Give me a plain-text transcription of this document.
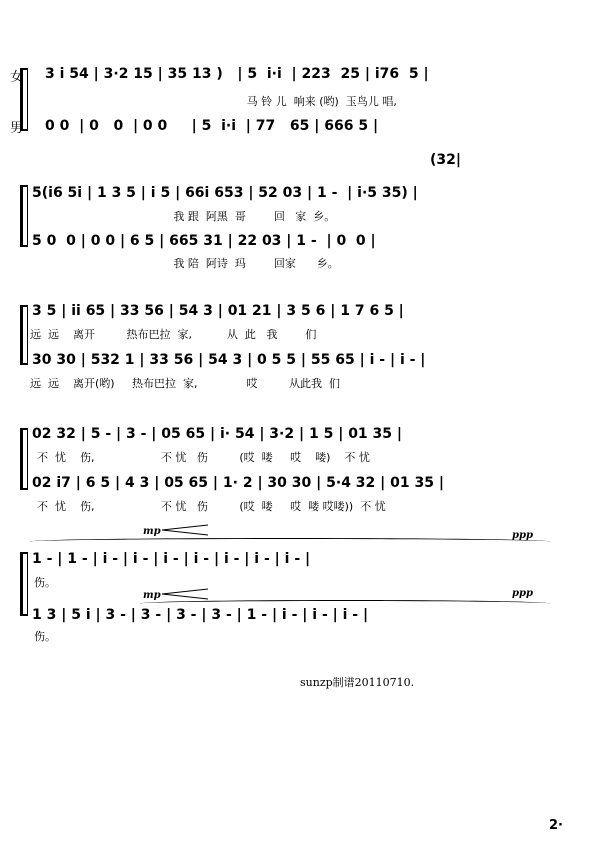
女
男
3 i 54 | 3·2 15 | 35 13 )   | 5  i·i  | 223  25 | i76  5 |
马 铃 儿  响来 (哟)  玉鸟儿 唱,
0 0  | 0   0  | 0 0     | 5  i·i  | 77   65 | 666 5 |
(32|
5(i6 5i | 1 3 5 | i 5 | 66i 653 | 52 03 | 1 -  | i·5 35) |
我 跟  阿黑  哥        回   家  乡。
5 0  0 | 0 0 | 6 5 | 665 31 | 22 03 | 1 -  | 0  0 |
我 陪  阿诗  玛        回家      乡。
3 5 | ii 65 | 33 56 | 54 3 | 01 21 | 3 5 6 | 1 7 6 5 |
远  远    离开         热布巴拉  家,          从  此   我        们
30 30 | 532 1 | 33 56 | 54 3 | 0 5 5 | 55 65 | i - | i - |
远  远    离开(哟)     热布巴拉  家,              哎         从此我  们
02 32 | 5 - | 3 - | 05 65 | i· 54 | 3·2 | 1 5 | 01 35 |
不  忧    伤,                   不 忧   伤         (哎  喽     哎    喽)    不 忧
02 i7 | 6 5 | 4 3 | 05 65 | 1· 2 | 30 30 | 5·4 32 | 01 35 |
不  忧    伤,                   不 忧   伤         (哎  喽     哎  喽 哎喽))  不 忧
mp	ppp
1 - | 1 - | i - | i - | i - | i - | i - | i - | i - |
伤。
mp	ppp
1 3 | 5 i | 3 - | 3 - | 3 - | 3 - | 1 - | i - | i - | i - |
伤。
sunzp制谱20110710.
2·
